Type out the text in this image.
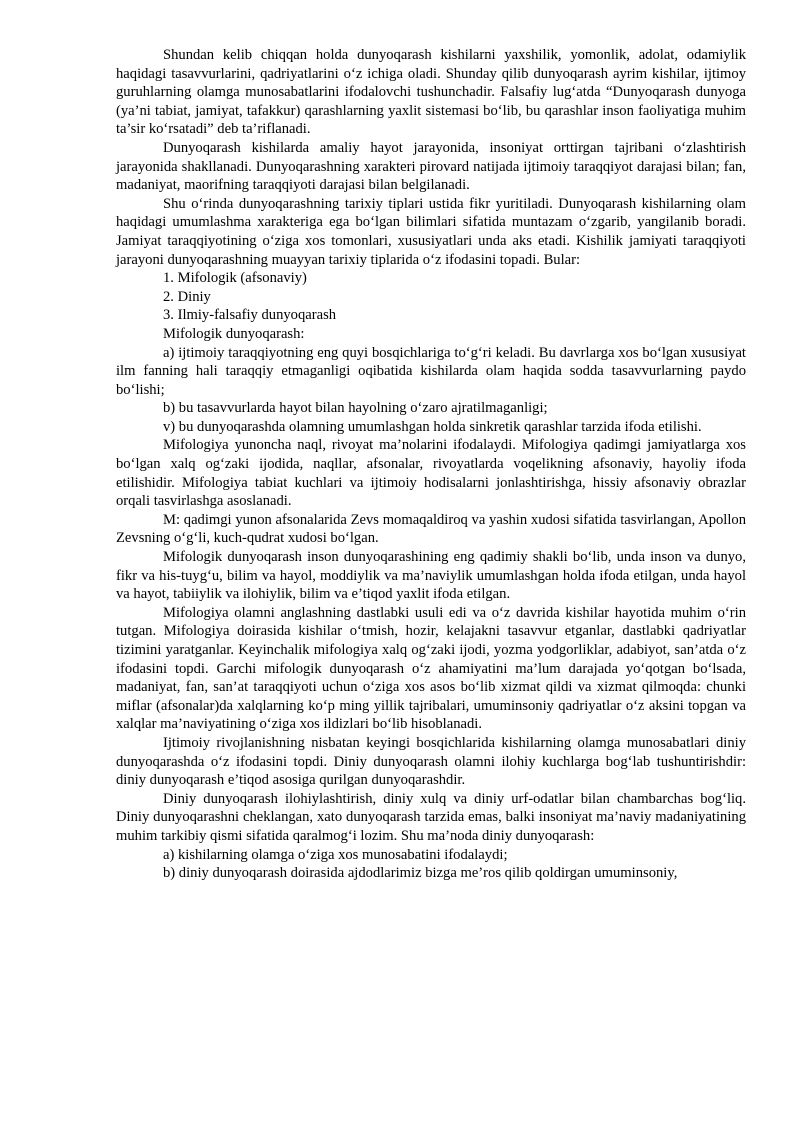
Shundan kelib chiqqan holda dunyoqarash kishilarni yaxshilik, yomonlik, adolat, odamiylik haqidagi tasavvurlarini, qadriyatlarini o‘z ichiga oladi. Shunday qilib dunyoqarash ayrim kishilar, ijtimoy guruhlarning olamga munosabatlarini ifodalovchi tushunchadir. Falsafiy lug‘atda “Dunyoqarash dunyoga (ya’ni tabiat, jamiyat, tafakkur) qarashlarning yaxlit sistemasi bo‘lib, bu qarashlar inson faoliyatiga muhim ta’sir ko‘rsatadi” deb ta’riflanadi.

Dunyoqarash kishilarda amaliy hayot jarayonida, insoniyat orttirgan tajribani o‘zlashtirish jarayonida shakllanadi. Dunyoqarashning xarakteri pirovard natijada ijtimoiy taraqqiyot darajasi bilan; fan, madaniyat, maorifning taraqqiyoti darajasi bilan belgilanadi.

Shu o‘rinda dunyoqarashning tarixiy tiplari ustida fikr yuritiladi. Dunyoqarash kishilarning olam haqidagi umumlashma xarakteriga ega bo‘lgan bilimlari sifatida muntazam o‘zgarib, yangilanib boradi. Jamiyat taraqqiyotining o‘ziga xos tomonlari, xususiyatlari unda aks etadi. Kishilik jamiyati taraqqiyoti jarayoni dunyoqarashning muayyan tarixiy tiplarida o‘z ifodasini topadi. Bular:

1. Mifologik (afsonaviy)

2. Diniy

3. Ilmiy-falsafiy dunyoqarash

Mifologik dunyoqarash:

a) ijtimoiy taraqqiyotning eng quyi bosqichlariga to‘g‘ri keladi. Bu davrlarga xos bo‘lgan xususiyat ilm fanning hali taraqqiy etmaganligi oqibatida kishilarda olam haqida sodda tasavvurlarning paydo bo‘lishi;

b) bu tasavvurlarda hayot bilan hayolning o‘zaro ajratilmaganligi;

v) bu dunyoqarashda olamning umumlashgan holda sinkretik qarashlar tarzida ifoda etilishi.

Mifologiya yunoncha naql, rivoyat ma’nolarini ifodalaydi. Mifologiya qadimgi jamiyatlarga xos bo‘lgan xalq og‘zaki ijodida, naqllar, afsonalar, rivoyatlarda voqelikning afsonaviy, hayoliy ifoda etilishidir. Mifologiya tabiat kuchlari va ijtimoiy hodisalarni jonlashtirishga, hissiy afsonaviy obrazlar orqali tasvirlashga asoslanadi.

M: qadimgi yunon afsonalarida Zevs momaqaldiroq va yashin xudosi sifatida tasvirlangan, Apollon Zevsning o‘g‘li, kuch-qudrat xudosi bo‘lgan.

Mifologik dunyoqarash inson dunyoqarashining eng qadimiy shakli bo‘lib, unda inson va dunyo, fikr va his-tuyg‘u, bilim va hayol, moddiylik va ma’naviylik umumlashgan holda ifoda etilgan, unda hayol va hayot, tabiiylik va ilohiylik, bilim va e’tiqod yaxlit ifoda etilgan.

Mifologiya olamni anglashning dastlabki usuli edi va o‘z davrida kishilar hayotida muhim o‘rin tutgan. Mifologiya doirasida kishilar o‘tmish, hozir, kelajakni tasavvur etganlar, dastlabki qadriyatlar tizimini yaratganlar. Keyinchalik mifologiya xalq og‘zaki ijodi, yozma yodgorliklar, adabiyot, san’atda o‘z ifodasini topdi. Garchi mifologik dunyoqarash o‘z ahamiyatini ma’lum darajada yo‘qotgan bo‘lsada, madaniyat, fan, san’at taraqqiyoti uchun o‘ziga xos asos bo‘lib xizmat qildi va xizmat qilmoqda: chunki miflar (afsonalar)da xalqlarning ko‘p ming yillik tajribalari, umuminsoniy qadriyatlar o‘z aksini topgan va xalqlar ma’naviyatining o‘ziga xos ildizlari bo‘lib hisoblanadi.

Ijtimoiy rivojlanishning nisbatan keyingi bosqichlarida kishilarning olamga munosabatlari diniy dunyoqarashda o‘z ifodasini topdi. Diniy dunyoqarash olamni ilohiy kuchlarga bog‘lab tushuntirishdir: diniy dunyoqarash e’tiqod asosiga qurilgan dunyoqarashdir.

Diniy dunyoqarash ilohiylashtirish, diniy xulq va diniy urf-odatlar bilan chambarchas bog‘liq. Diniy dunyoqarashni cheklangan, xato dunyoqarash tarzida emas, balki insoniyat ma’naviy madaniyatining muhim tarkibiy qismi sifatida qaralmog‘i lozim. Shu ma’noda diniy dunyoqarash:

a) kishilarning olamga o‘ziga xos munosabatini ifodalaydi;

b) diniy dunyoqarash doirasida ajdodlarimiz bizga me’ros qilib qoldirgan umuminsoniy,
